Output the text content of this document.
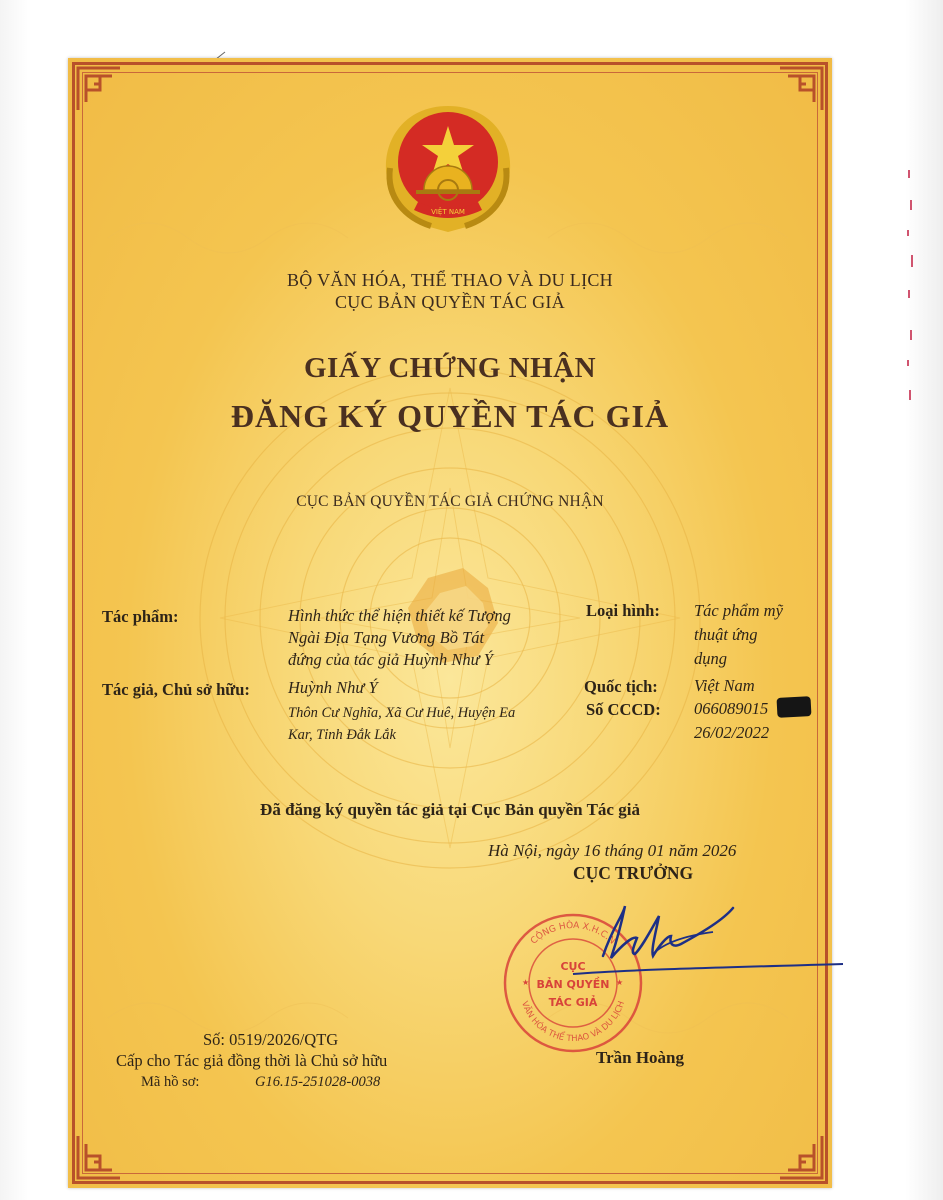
VIỆT NAM
BỘ VĂN HÓA, THỂ THAO VÀ DU LỊCH
CỤC BẢN QUYỀN TÁC GIẢ
GIẤY CHỨNG NHẬN
ĐĂNG KÝ QUYỀN TÁC GIẢ
CỤC BẢN QUYỀN TÁC GIẢ CHỨNG NHẬN
Tác phẩm:	Hình thức thể hiện thiết kế Tượng
Ngài Địa Tạng Vương Bồ Tát
đứng của tác giả Huỳnh Như Ý
Loại hình: Tác phẩm mỹ
thuật ứng
dụng
Tác giả, Chủ sở hữu: Huỳnh Như Ý
Thôn Cư Nghĩa, Xã Cư Huê, Huyện Ea
Kar, Tỉnh Đắk Lắk
Quốc tịch: Việt Nam
Số CCCD: 066089015
26/02/2022
Đã đăng ký quyền tác giả tại Cục Bản quyền Tác giả
Hà Nội, ngày 16 tháng 01 năm 2026
CỤC TRƯỞNG
CỘNG HÒA X.H.C.N
VĂN HÓA THỂ THAO VÀ DU LỊCH
CỤC
BẢN QUYỀN
TÁC GIẢ
★	★
Trần Hoàng
Số: 0519/2026/QTG
Cấp cho Tác giả đồng thời là Chủ sở hữu
Mã hồ sơ:	G16.15-251028-0038
